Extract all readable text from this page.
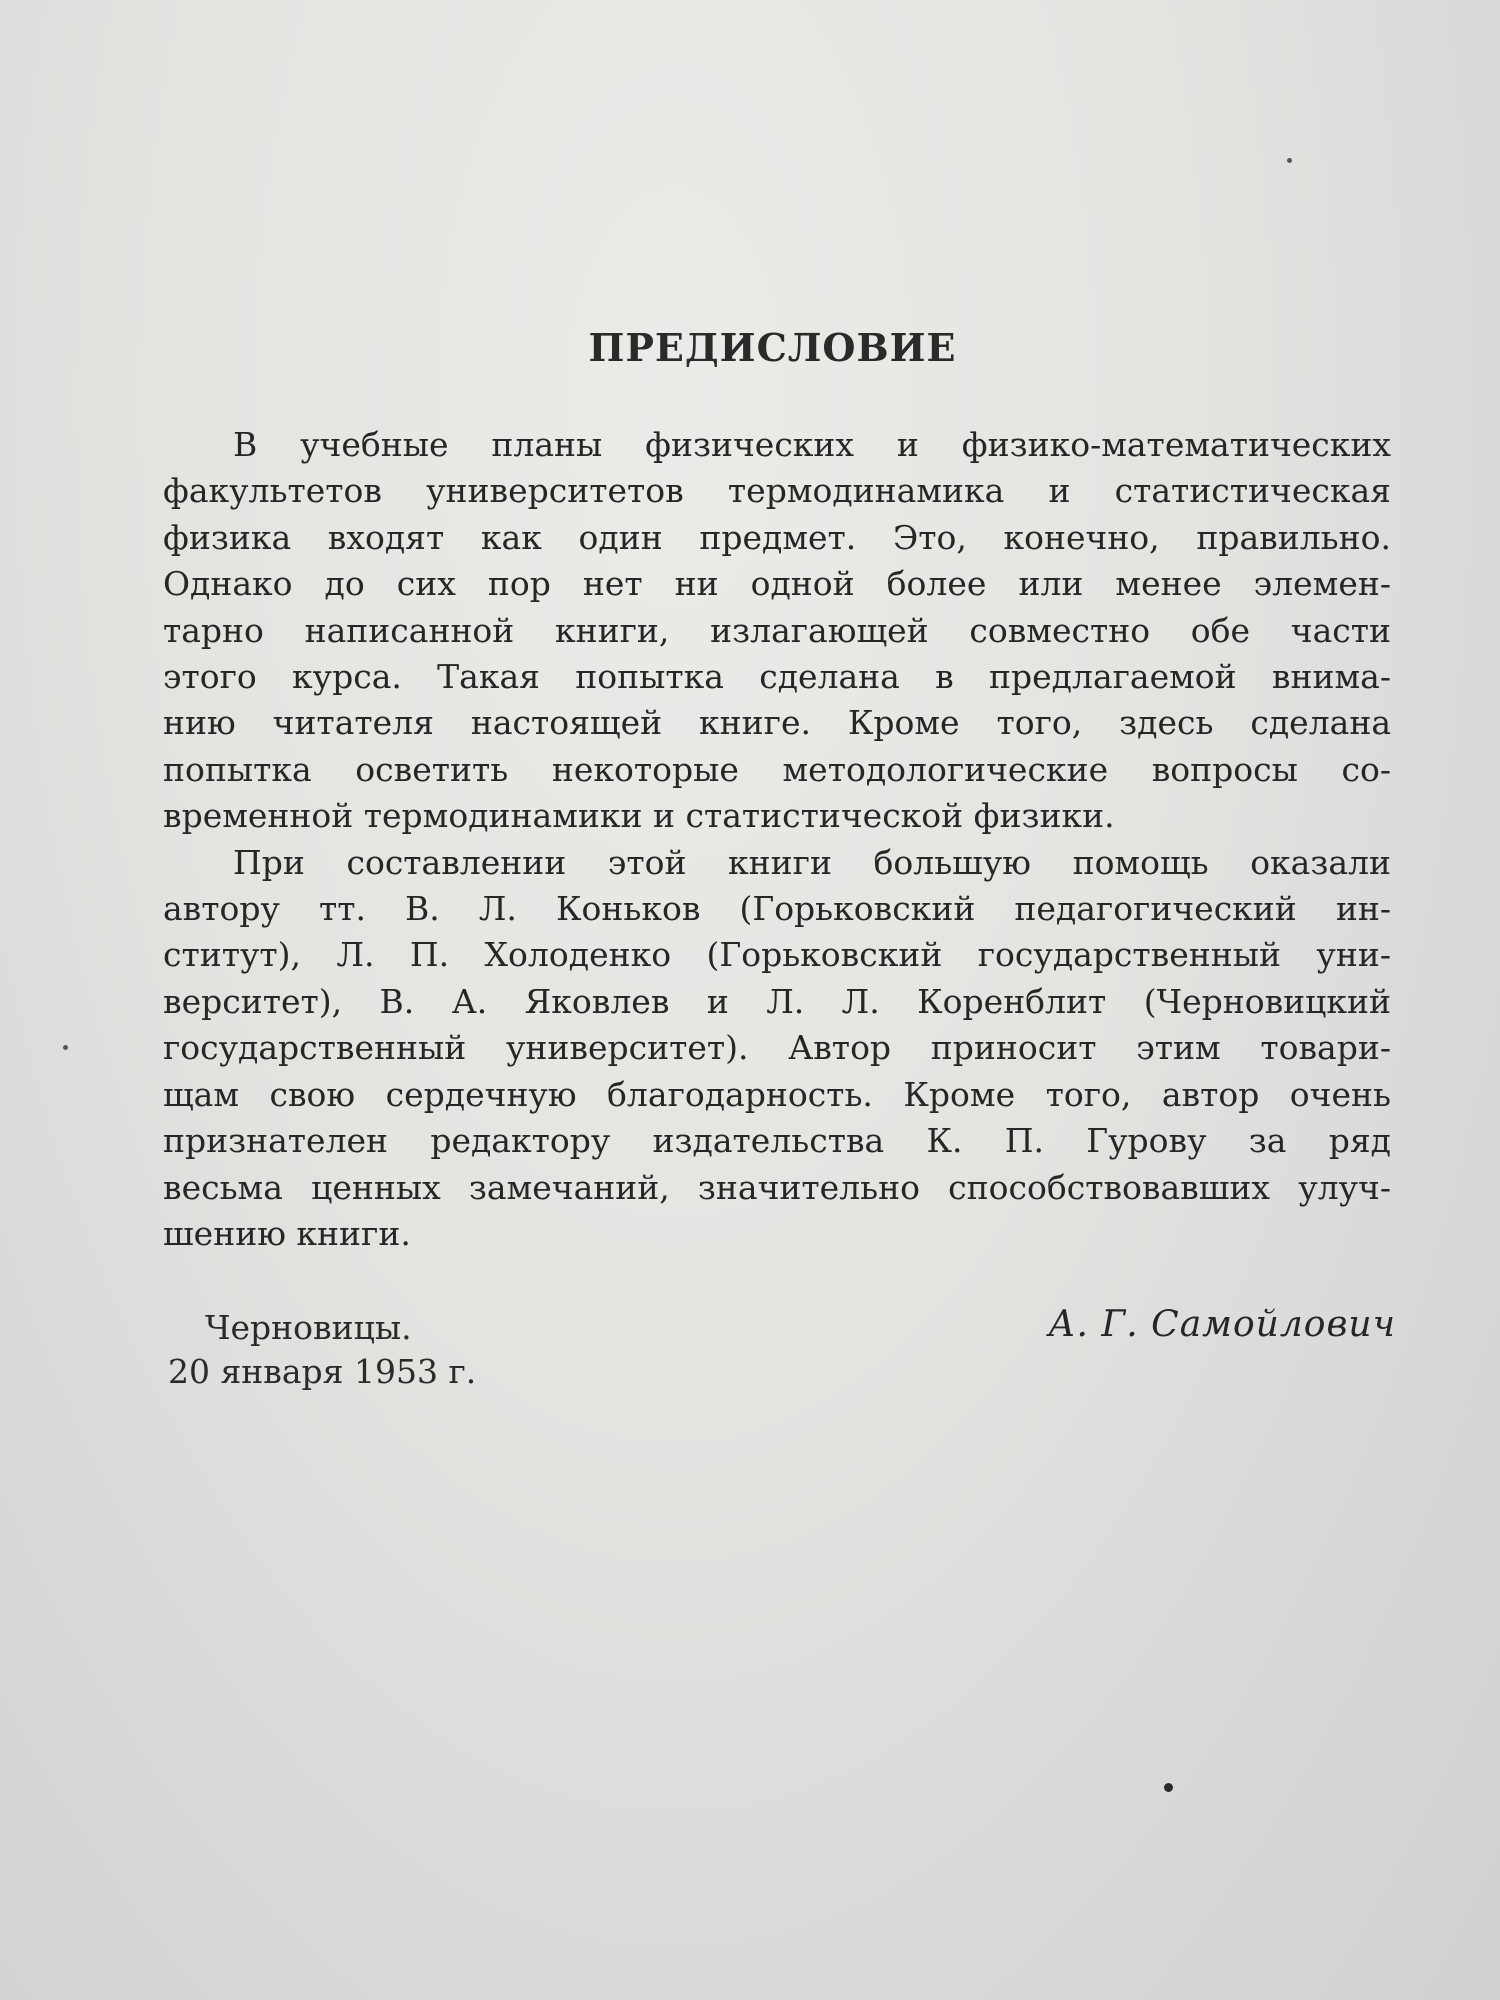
ПРЕДИСЛОВИЕ
В учебные планы физических и физико-математических
факультетов университетов термодинамика и статистическая
физика входят как один предмет. Это, конечно, правильно.
Однако до сих пор нет ни одной более или менее элемен-
тарно написанной книги, излагающей совместно обе части
этого курса. Такая попытка сделана в предлагаемой внима-
нию читателя настоящей книге. Кроме того, здесь сделана
попытка осветить некоторые методологические вопросы со-
временной термодинамики и статистической физики.
При составлении этой книги большую помощь оказали
автору тт. В. Л. Коньков (Горьковский педагогический ин-
ститут), Л. П. Холоденко (Горьковский государственный уни-
верситет), В. А. Яковлев и Л. Л. Коренблит (Черновицкий
государственный университет). Автор приносит этим товари-
щам свою сердечную благодарность. Кроме того, автор очень
признателен редактору издательства К. П. Гурову за ряд
весьма ценных замечаний, значительно способствовавших улуч-
шению книги.
Черновицы.
20 января 1953 г.
А. Г. Самойлович
